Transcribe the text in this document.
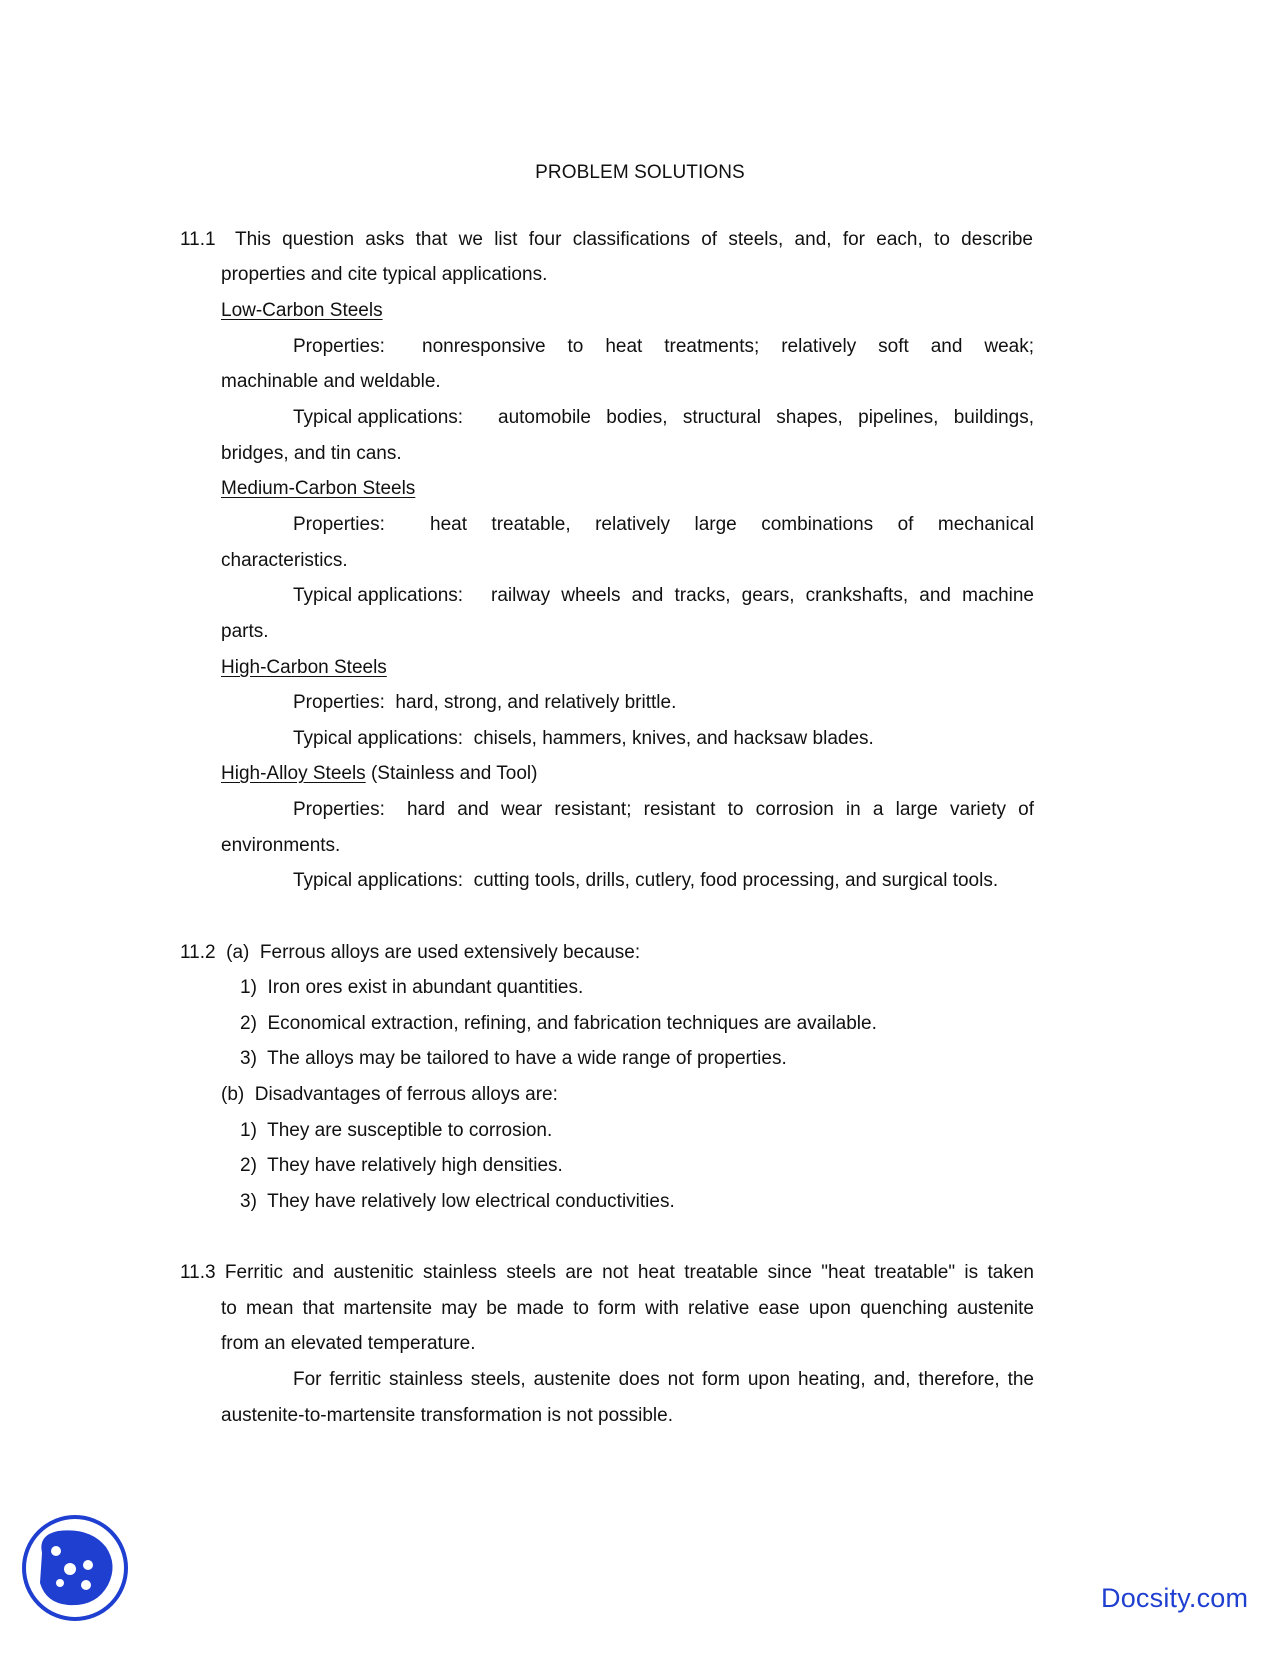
PROBLEM SOLUTIONS
11.1 This question asks that we list four classifications of steels, and, for each, to describe
properties and cite typical applications.
Low-Carbon Steels
Properties: nonresponsive to heat treatments; relatively soft and weak;
machinable and weldable.
Typical applications: automobile bodies, structural shapes, pipelines, buildings,
bridges, and tin cans.
Medium-Carbon Steels
Properties: heat treatable, relatively large combinations of mechanical
characteristics.
Typical applications: railway wheels and tracks, gears, crankshafts, and machine
parts.
High-Carbon Steels
Properties:  hard, strong, and relatively brittle.
Typical applications:  chisels, hammers, knives, and hacksaw blades.
High-Alloy Steels (Stainless and Tool)
Properties: hard and wear resistant; resistant to corrosion in a large variety of
environments.
Typical applications:  cutting tools, drills, cutlery, food processing, and surgical tools.
11.2  (a)  Ferrous alloys are used extensively because:
1)  Iron ores exist in abundant quantities.
2)  Economical extraction, refining, and fabrication techniques are available.
3)  The alloys may be tailored to have a wide range of properties.
(b)  Disadvantages of ferrous alloys are:
1)  They are susceptible to corrosion.
2)  They have relatively high densities.
3)  They have relatively low electrical conductivities.
11.3 Ferritic and austenitic stainless steels are not heat treatable since "heat treatable" is taken
to mean that martensite may be made to form with relative ease upon quenching austenite
from an elevated temperature.
For ferritic stainless steels, austenite does not form upon heating, and, therefore, the
austenite-to-martensite transformation is not possible.
Docsity.com
